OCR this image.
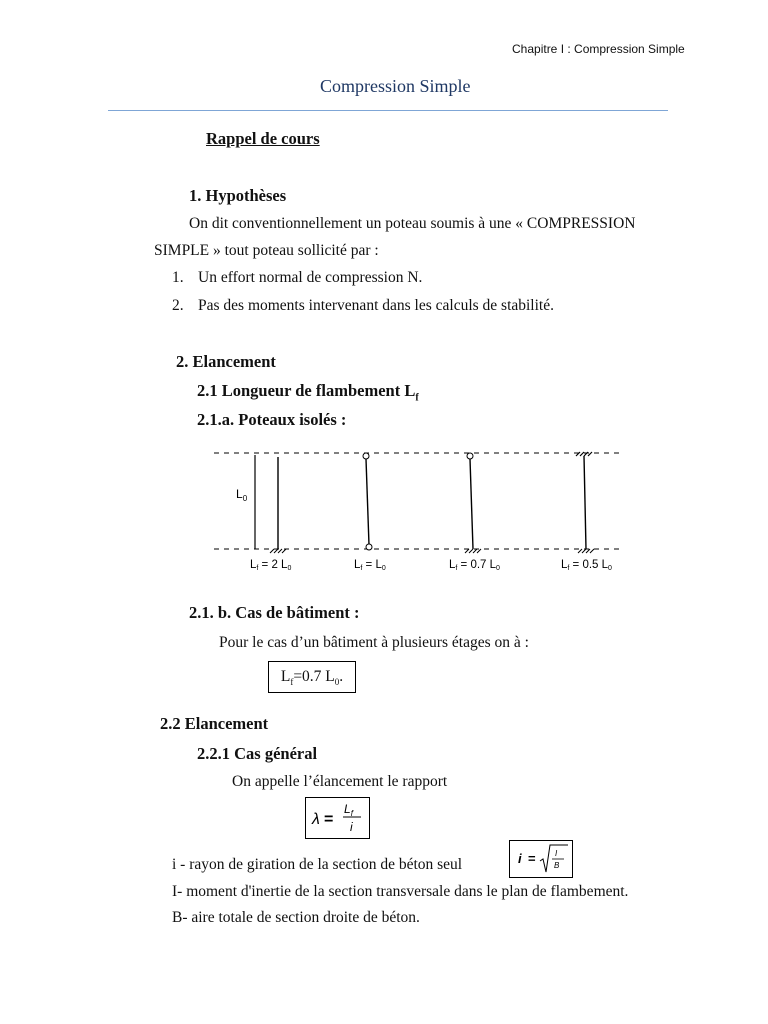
Chapitre I : Compression Simple
Compression Simple
Rappel de cours
1. Hypothèses
On dit conventionnellement un poteau soumis à une « COMPRESSION
SIMPLE » tout poteau sollicité par :
1. Un effort normal de compression N.
2. Pas des moments intervenant dans les calculs de stabilité.
2. Elancement
2.1 Longueur de flambement $L_f$
2.1.a. Poteaux isolés :
$L_0$
Lf = 2 L0	Lf = L0	Lf = 0.7 L0	Lf = 0.5 L0
2.1. b. Cas de bâtiment :
Pour le cas d’un bâtiment à plusieurs étages on à :
$L_f=0.7$ $L_0$.
2.2 Elancement
2.2.1 Cas général
On appelle l’élancement le rapport
λ =
$L_f$
i
i - rayon de giration de la section de béton seul	i = I
B
I- moment d'inertie de la section transversale dans le plan de flambement.
B- aire totale de section droite de béton.
